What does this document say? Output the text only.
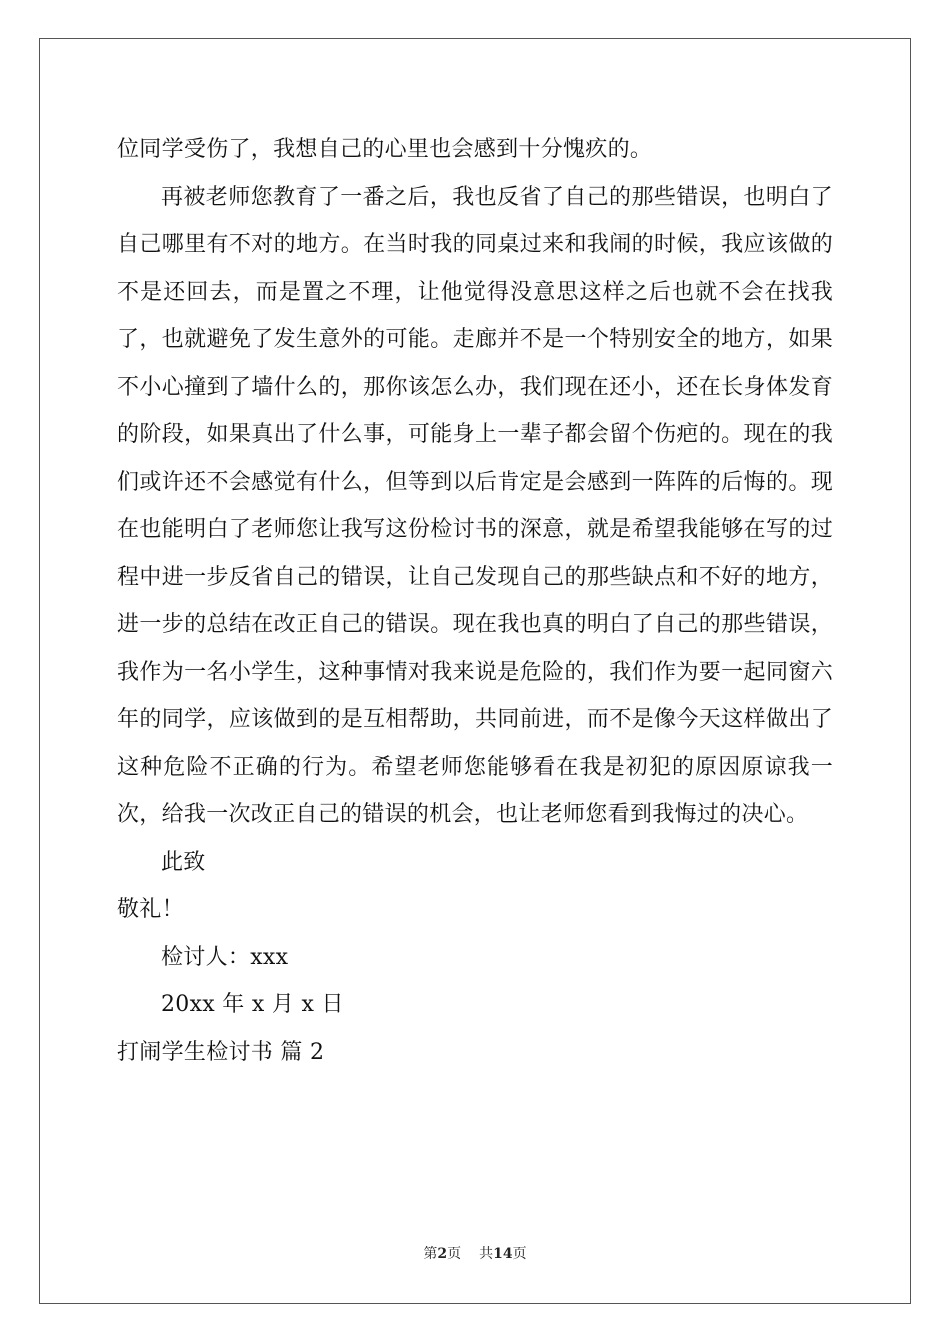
位同学受伤了，我想自己的心里也会感到十分愧疚的。

再被老师您教育了一番之后，我也反省了自己的那些错误，也明白了自己哪里有不对的地方。在当时我的同桌过来和我闹的时候，我应该做的不是还回去，而是置之不理，让他觉得没意思这样之后也就不会在找我了，也就避免了发生意外的可能。走廊并不是一个特别安全的地方，如果不小心撞到了墙什么的，那你该怎么办，我们现在还小，还在长身体发育的阶段，如果真出了什么事，可能身上一辈子都会留个伤疤的。现在的我们或许还不会感觉有什么，但等到以后肯定是会感到一阵阵的后悔的。现在也能明白了老师您让我写这份检讨书的深意，就是希望我能够在写的过程中进一步反省自己的错误，让自己发现自己的那些缺点和不好的地方，进一步的总结在改正自己的错误。现在我也真的明白了自己的那些错误，我作为一名小学生，这种事情对我来说是危险的，我们作为要一起同窗六年的同学，应该做到的是互相帮助，共同前进，而不是像今天这样做出了这种危险不正确的行为。希望老师您能够看在我是初犯的原因原谅我一次，给我一次改正自己的错误的机会，也让老师您看到我悔过的决心。

此致

敬礼！

检讨人：xxx

20xx 年 x 月 x 日

打闹学生检讨书 篇 2

第2页 共14页
